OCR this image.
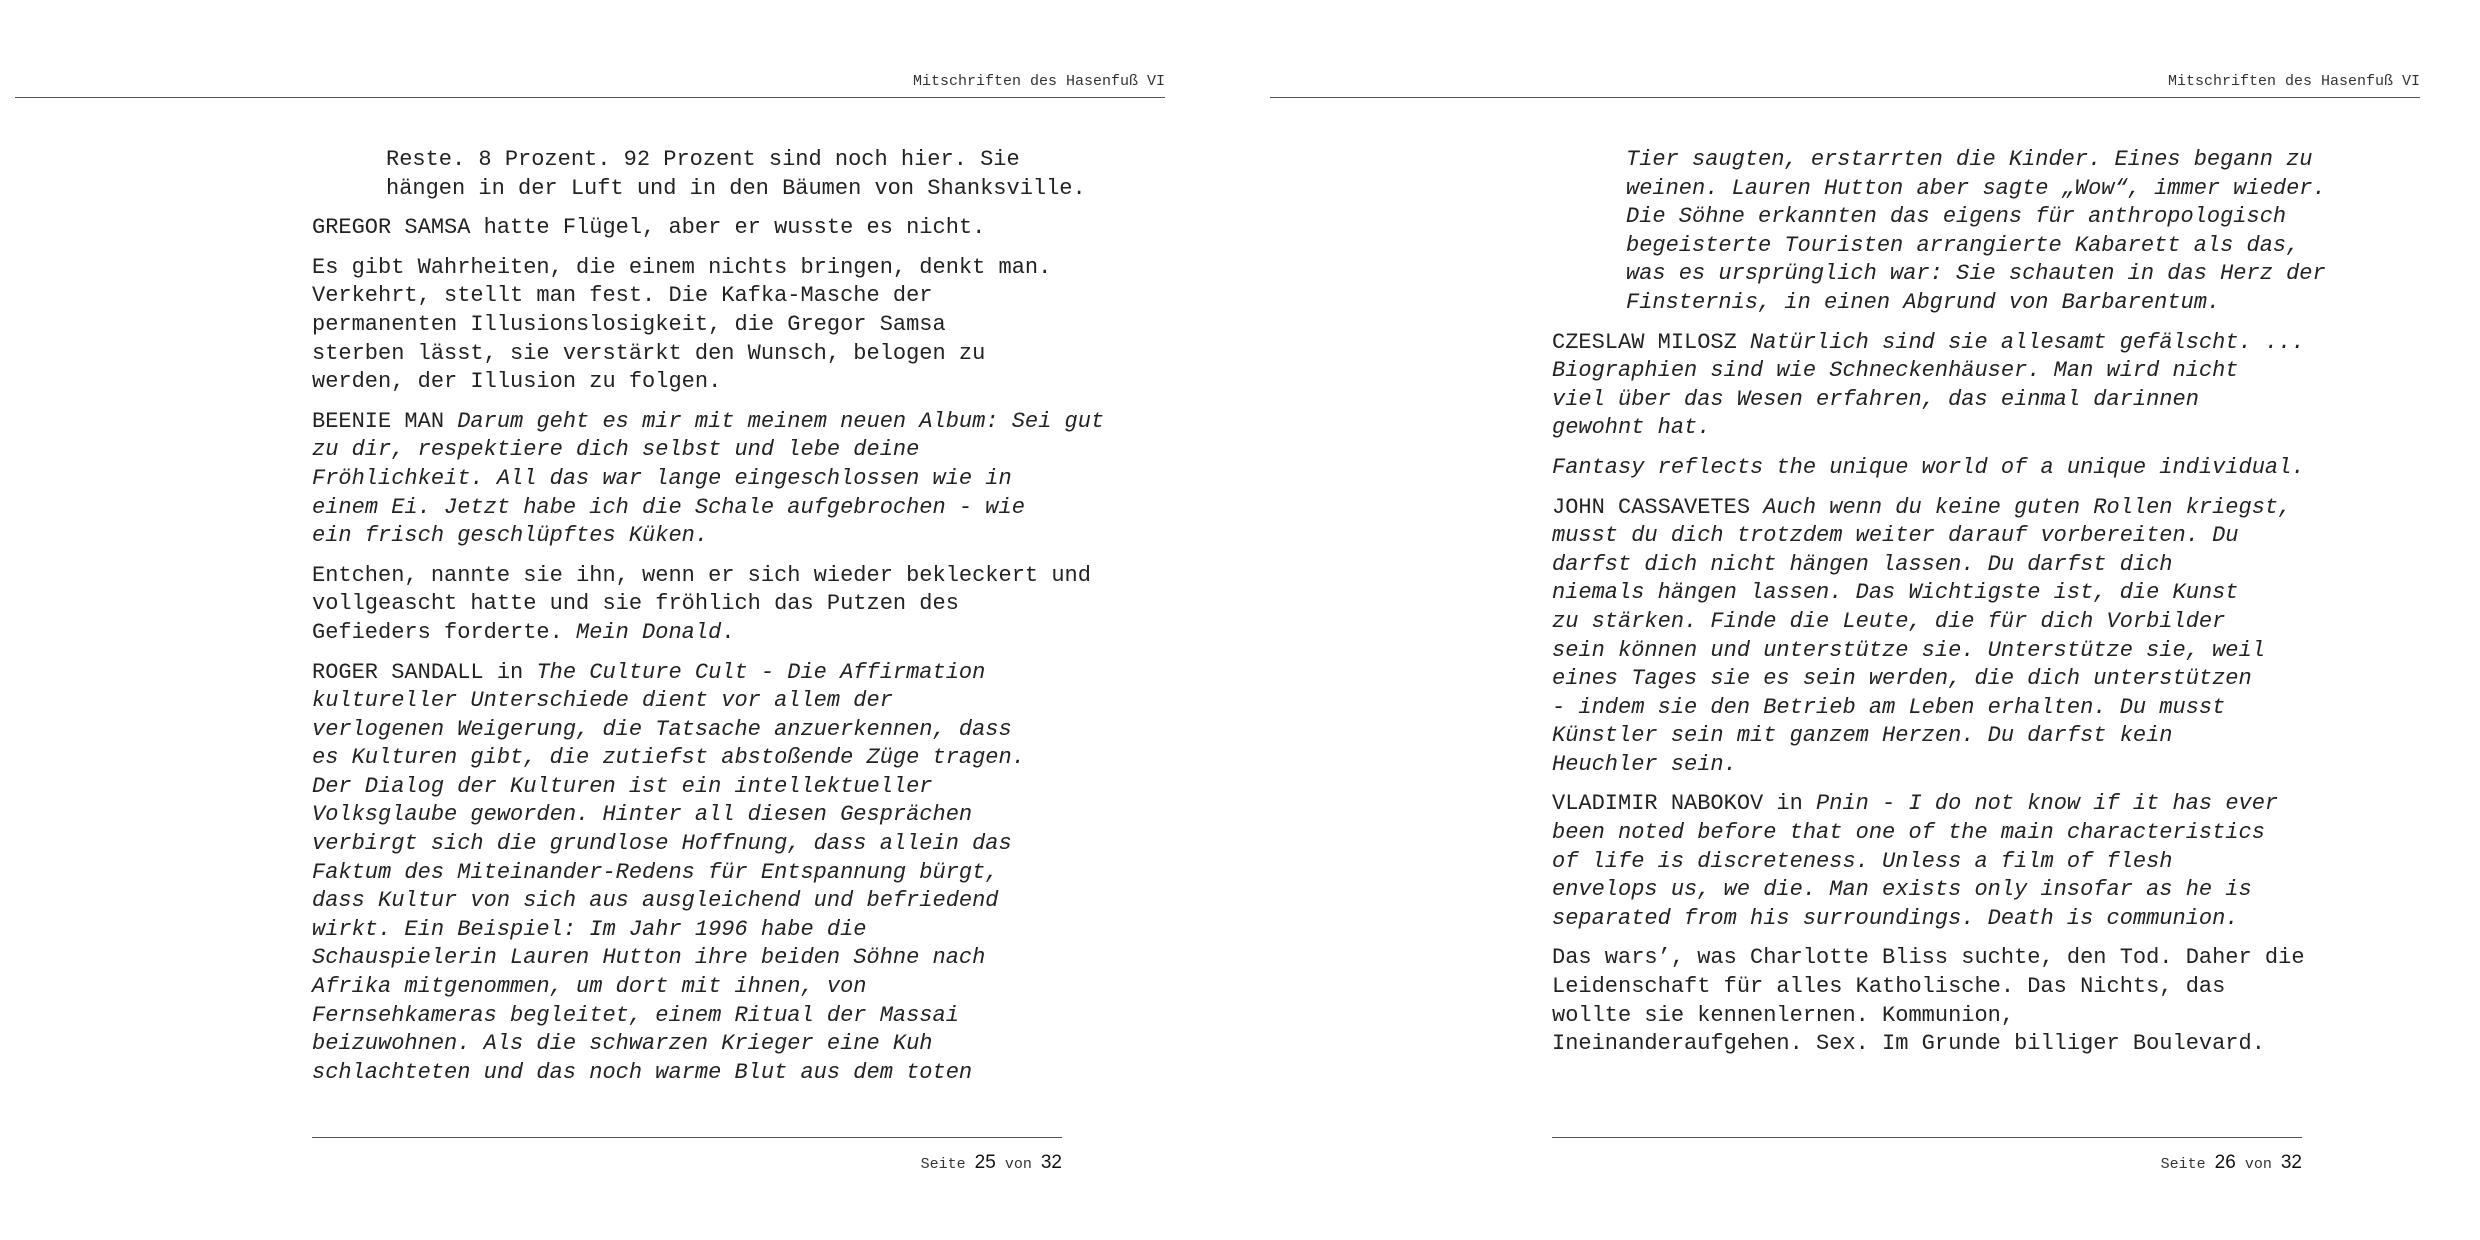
Mitschriften des Hasenfuß VI
Reste. 8 Prozent. 92 Prozent sind noch hier. Sie
hängen in der Luft und in den Bäumen von Shanksville.
GREGOR SAMSA hatte Flügel, aber er wusste es nicht.
Es gibt Wahrheiten, die einem nichts bringen, denkt man.
Verkehrt, stellt man fest. Die Kafka-Masche der
permanenten Illusionslosigkeit, die Gregor Samsa
sterben lässt, sie verstärkt den Wunsch, belogen zu
werden, der Illusion zu folgen.
BEENIE MAN Darum geht es mir mit meinem neuen Album: Sei gut
zu dir, respektiere dich selbst und lebe deine
Fröhlichkeit. All das war lange eingeschlossen wie in
einem Ei. Jetzt habe ich die Schale aufgebrochen - wie
ein frisch geschlüpftes Küken.
Entchen, nannte sie ihn, wenn er sich wieder bekleckert und
vollgeascht hatte und sie fröhlich das Putzen des
Gefieders forderte. Mein Donald.
ROGER SANDALL in The Culture Cult - Die Affirmation
kultureller Unterschiede dient vor allem der
verlogenen Weigerung, die Tatsache anzuerkennen, dass
es Kulturen gibt, die zutiefst abstoßende Züge tragen.
Der Dialog der Kulturen ist ein intellektueller
Volksglaube geworden. Hinter all diesen Gesprächen
verbirgt sich die grundlose Hoffnung, dass allein das
Faktum des Miteinander-Redens für Entspannung bürgt,
dass Kultur von sich aus ausgleichend und befriedend
wirkt. Ein Beispiel: Im Jahr 1996 habe die
Schauspielerin Lauren Hutton ihre beiden Söhne nach
Afrika mitgenommen, um dort mit ihnen, von
Fernsehkameras begleitet, einem Ritual der Massai
beizuwohnen. Als die schwarzen Krieger eine Kuh
schlachteten und das noch warme Blut aus dem toten
Seite 25 von 32
Mitschriften des Hasenfuß VI
Tier saugten, erstarrten die Kinder. Eines begann zu
weinen. Lauren Hutton aber sagte „Wow“, immer wieder.
Die Söhne erkannten das eigens für anthropologisch
begeisterte Touristen arrangierte Kabarett als das,
was es ursprünglich war: Sie schauten in das Herz der
Finsternis, in einen Abgrund von Barbarentum.
CZESLAW MILOSZ Natürlich sind sie allesamt gefälscht. ...
Biographien sind wie Schneckenhäuser. Man wird nicht
viel über das Wesen erfahren, das einmal darinnen
gewohnt hat.
Fantasy reflects the unique world of a unique individual.
JOHN CASSAVETES Auch wenn du keine guten Rollen kriegst,
musst du dich trotzdem weiter darauf vorbereiten. Du
darfst dich nicht hängen lassen. Du darfst dich
niemals hängen lassen. Das Wichtigste ist, die Kunst
zu stärken. Finde die Leute, die für dich Vorbilder
sein können und unterstütze sie. Unterstütze sie, weil
eines Tages sie es sein werden, die dich unterstützen
- indem sie den Betrieb am Leben erhalten. Du musst
Künstler sein mit ganzem Herzen. Du darfst kein
Heuchler sein.
VLADIMIR NABOKOV in Pnin - I do not know if it has ever
been noted before that one of the main characteristics
of life is discreteness. Unless a film of flesh
envelops us, we die. Man exists only insofar as he is
separated from his surroundings. Death is communion.
Das wars’, was Charlotte Bliss suchte, den Tod. Daher die
Leidenschaft für alles Katholische. Das Nichts, das
wollte sie kennenlernen. Kommunion,
Ineinanderaufgehen. Sex. Im Grunde billiger Boulevard.
Seite 26 von 32
